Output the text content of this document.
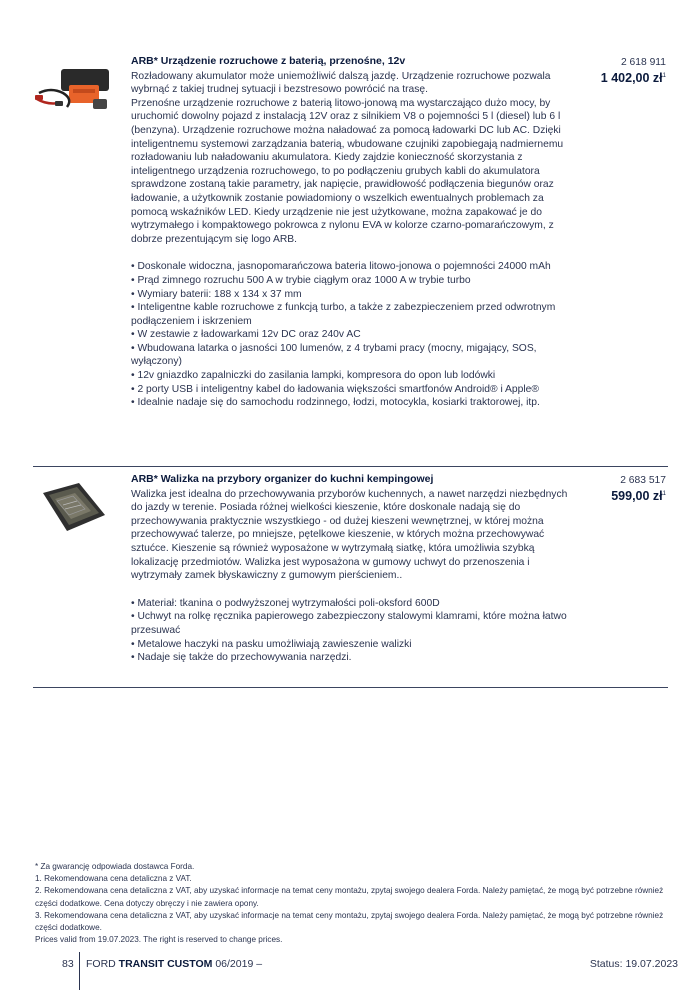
ARB* Urządzenie rozruchowe z baterią, przenośne, 12v

Rozładowany akumulator może uniemożliwić dalszą jazdę. Urządzenie rozruchowe pozwala wybrnąć z takiej trudnej sytuacji i bezstresowo powrócić na trasę.

Przenośne urządzenie rozruchowe z baterią litowo-jonową ma wystarczająco dużo mocy, by uruchomić dowolny pojazd z instalacją 12V oraz z silnikiem V8 o pojemności 5 l (diesel) lub 6 l (benzyna). Urządzenie rozruchowe można naładować za pomocą ładowarki DC lub AC. Dzięki inteligentnemu systemowi zarządzania baterią, wbudowane czujniki zapobiegają nadmiernemu rozładowaniu lub naładowaniu akumulatora. Kiedy zajdzie konieczność skorzystania z inteligentnego urządzenia rozruchowego, to po podłączeniu grubych kabli do akumulatora sprawdzone zostaną takie parametry, jak napięcie, prawidłowość podłączenia biegunów oraz ładowanie, a użytkownik zostanie powiadomiony o wszelkich ewentualnych problemach za pomocą wskaźników LED. Kiedy urządzenie nie jest użytkowane, można zapakować je do wytrzymałego i kompaktowego pokrowca z nylonu EVA w kolorze czarno-pomarańczowym, z dobrze prezentującym się logo ARB.

• Doskonale widoczna, jasnopomarańczowa bateria litowo-jonowa o pojemności 24000 mAh

• Prąd zimnego rozruchu 500 A w trybie ciągłym oraz 1000 A w trybie turbo

• Wymiary baterii: 188 x 134 x 37 mm

• Inteligentne kable rozruchowe z funkcją turbo, a także z zabezpieczeniem przed odwrotnym podłączeniem i iskrzeniem

• W zestawie z ładowarkami 12v DC oraz 240v AC

• Wbudowana latarka o jasności 100 lumenów, z 4 trybami pracy (mocny, migający, SOS, wyłączony)

• 12v gniazdko zapalniczki do zasilania lampki, kompresora do opon lub lodówki

• 2 porty USB i inteligentny kabel do ładowania większości smartfonów Android® i Apple®

• Idealnie nadaje się do samochodu rodzinnego, łodzi, motocykla, kosiarki traktorowej, itp.

2 618 911
1 402,00 $zł^1$
ARB* Walizka na przybory organizer do kuchni kempingowej

Walizka jest idealna do przechowywania przyborów kuchennych, a nawet narzędzi niezbędnych do jazdy w terenie. Posiada różnej wielkości kieszenie, które doskonale nadają się do przechowywania praktycznie wszystkiego - od dużej kieszeni wewnętrznej, w której można przechowywać talerze, po mniejsze, pętelkowe kieszenie, w których można przechowywać sztućce. Kieszenie są również wyposażone w wytrzymałą siatkę, która umożliwia szybką lokalizację przedmiotów. Walizka jest wyposażona w gumowy uchwyt do przenoszenia i wytrzymały zamek błyskawiczny z gumowym pierścieniem..

• Materiał: tkanina o podwyższonej wytrzymałości poli-oksford 600D

• Uchwyt na rolkę ręcznika papierowego zabezpieczony stalowymi klamrami, które można łatwo przesuwać

• Metalowe haczyki na pasku umożliwiają zawieszenie walizki

• Nadaje się także do przechowywania narzędzi.

2 683 517
599,00 $zł^1$

* Za gwarancję odpowiada dostawca Forda.

1. Rekomendowana cena detaliczna z VAT.

2. Rekomendowana cena detaliczna z VAT, aby uzyskać informacje na temat ceny montażu, zpytaj swojego dealera Forda. Należy pamiętać, że mogą być potrzebne również części dodatkowe. Cena dotyczy obręczy i nie zawiera opony.

3. Rekomendowana cena detaliczna z VAT, aby uzyskać informacje na temat ceny montażu, zpytaj swojego dealera Forda. Należy pamiętać, że mogą być potrzebne również części dodatkowe.

Prices valid from 19.07.2023. The right is reserved to change prices.

83 FORD TRANSIT CUSTOM 06/2019 –	Status: 19.07.2023
